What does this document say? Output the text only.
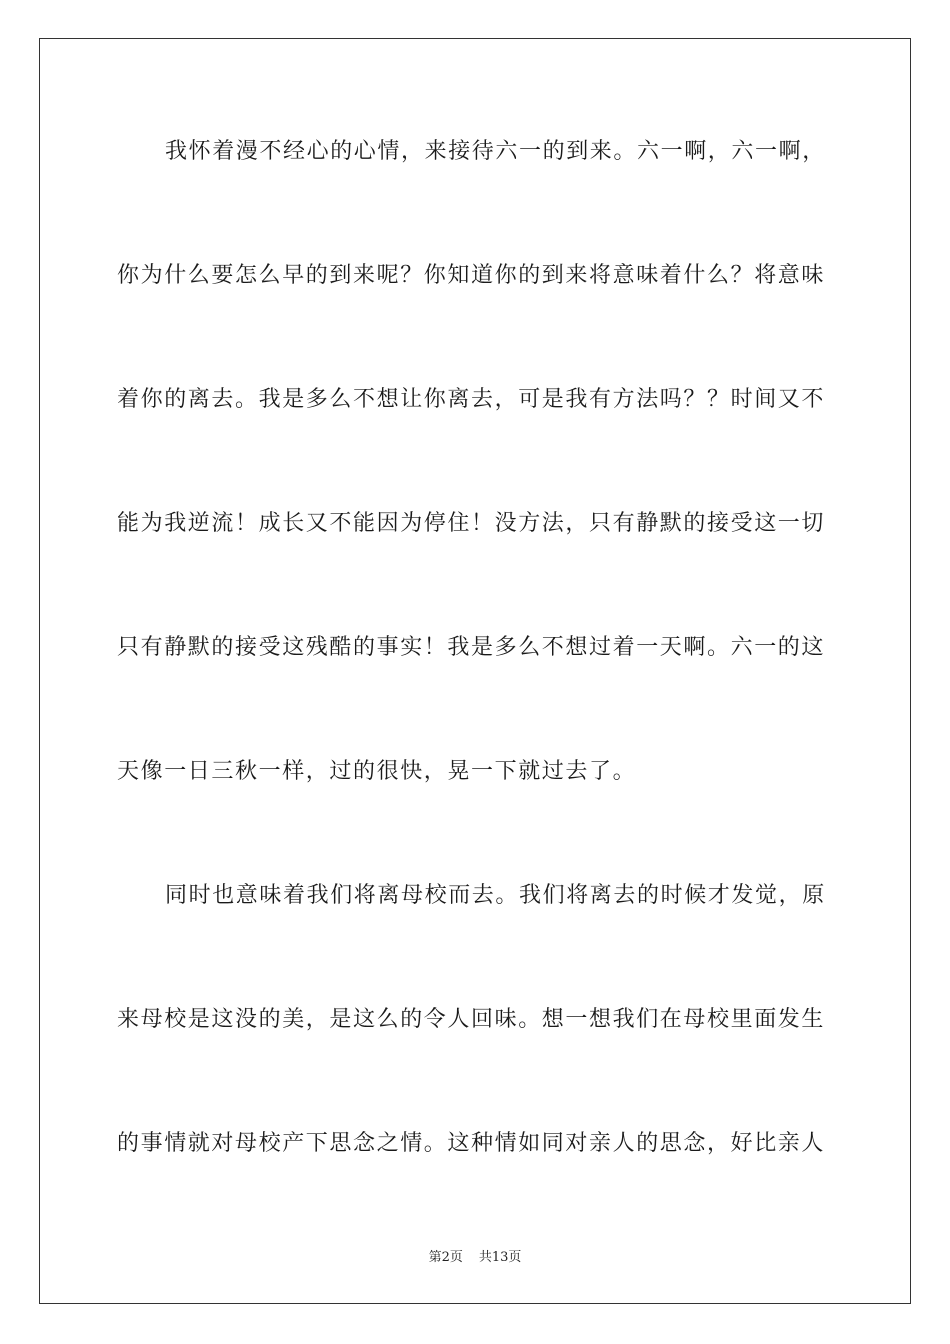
我怀着漫不经心的心情，来接待六一的到来。六一啊，六一啊，
你为什么要怎么早的到来呢？你知道你的到来将意味着什么？将意味
着你的离去。我是多么不想让你离去，可是我有方法吗？？时间又不
能为我逆流！成长又不能因为停住！没方法，只有静默的接受这一切
只有静默的接受这残酷的事实！我是多么不想过着一天啊。六一的这
天像一日三秋一样，过的很快，晃一下就过去了。
同时也意味着我们将离母校而去。我们将离去的时候才发觉，原
来母校是这没的美，是这么的令人回味。想一想我们在母校里面发生
的事情就对母校产下思念之情。这种情如同对亲人的思念，好比亲人
第2页 共13页
